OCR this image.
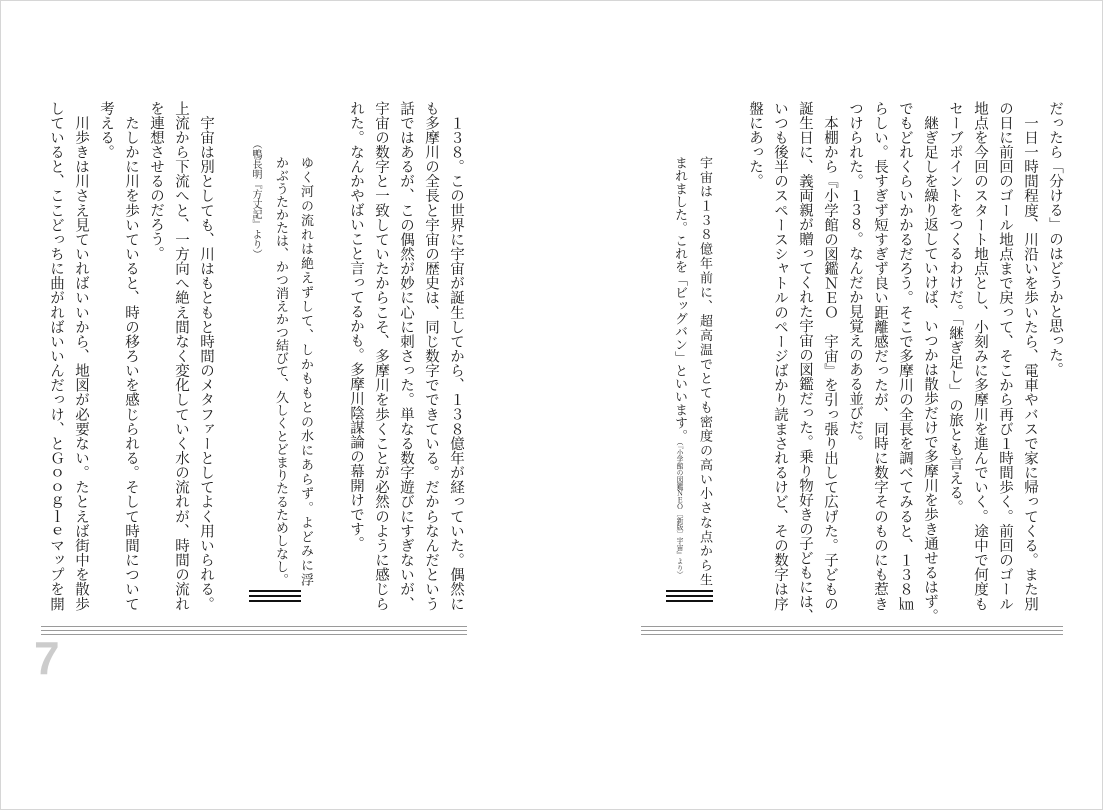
だったら「分ける」のはどうかと思った。
　一日一時間程度、川沿いを歩いたら、電車やバスで家に帰ってくる。また別
の日に前回のゴール地点まで戻って、そこから再び１時間歩く。前回のゴール
地点を今回のスタート地点とし、小刻みに多摩川を進んでいく。途中で何度も
セーブポイントをつくるわけだ。「継ぎ足し」の旅とも言える。
　継ぎ足しを繰り返していけば、いつかは散歩だけで多摩川を歩き通せるはず。
でもどれくらいかかるだろう。そこで多摩川の全長を調べてみると、１３８㎞
らしい。長すぎず短すぎず良い距離感だったが、同時に数字そのものにも惹き
つけられた。１３８。なんだか見覚えのある並びだ。
　本棚から『小学館の図鑑ＮＥＯ　宇宙』を引っ張り出して広げた。子どもの
誕生日に、義両親が贈ってくれた宇宙の図鑑だった。乗り物好きの子どもには、
いつも後半のスペースシャトルのページばかり読まされるけど、その数字は序
盤にあった。
宇宙は１３８億年前に、超高温でとても密度の高い小さな点から生
まれました。これを「ビッグバン」といいます。（『小学館の図鑑ＮＥＯ〔新版〕宇宙』より）
　１３８。この世界に宇宙が誕生してから、１３８億年が経っていた。偶然に
も多摩川の全長と宇宙の歴史は、同じ数字でできている。だからなんだという
話ではあるが、この偶然が妙に心に刺さった。単なる数字遊びにすぎないが、
宇宙の数字と一致していたからこそ、多摩川を歩くことが必然のように感じら
れた。なんかやばいこと言ってるかも。多摩川陰謀論の幕開けです。
ゆく河の流れは絶えずして、しかももとの水にあらず。よどみに浮
かぶうたかたは、かつ消えかつ結びて、久しくとどまりたるためしなし。
（鴨長明『方丈記』より）
　宇宙は別としても、川はもともと時間のメタファーとしてよく用いられる。
上流から下流へと、一方向へ絶え間なく変化していく水の流れが、時間の流れ
を連想させるのだろう。
　たしかに川を歩いていると、時の移ろいを感じられる。そして時間について
考える。
　川歩きは川さえ見ていればいいから、地図が必要ない。たとえば街中を散歩
していると、ここどっちに曲がればいいんだっけ、とＧｏｏｇｌｅマップを開
7
